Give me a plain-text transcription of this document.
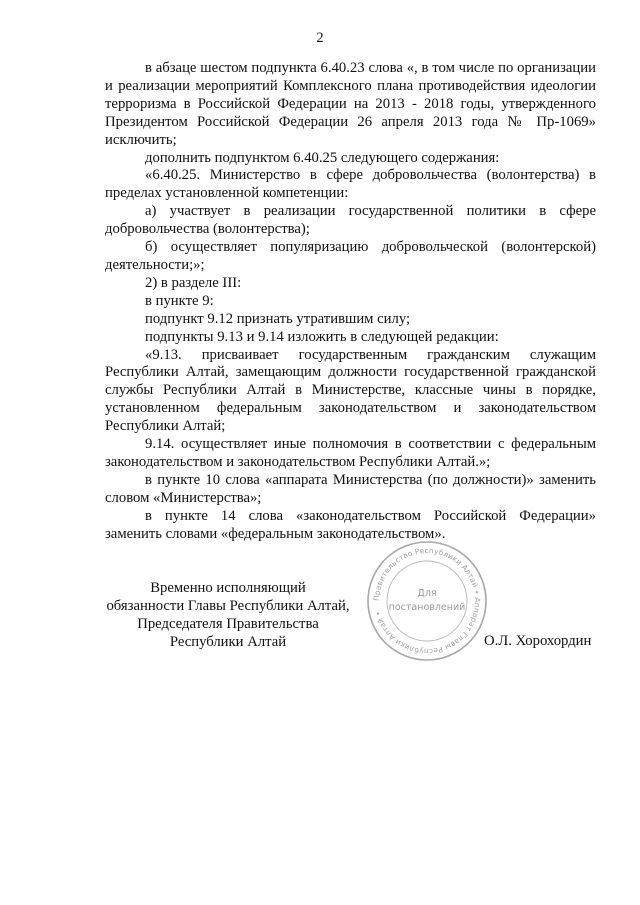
2

в абзаце шестом подпункта 6.40.23 слова «, в том числе по организации и реализации мероприятий Комплексного плана противодействия идеологии терроризма в Российской Федерации на 2013 - 2018 годы, утвержденного Президентом Российской Федерации 26 апреля 2013 года № Пр-1069» исключить;

дополнить подпунктом 6.40.25 следующего содержания:

«6.40.25. Министерство в сфере добровольчества (волонтерства) в пределах установленной компетенции:

а) участвует в реализации государственной политики в сфере добровольчества (волонтерства);

б) осуществляет популяризацию добровольческой (волонтерской) деятельности;»;

2) в разделе III:

в пункте 9:

подпункт 9.12 признать утратившим силу;

подпункты 9.13 и 9.14 изложить в следующей редакции:

«9.13. присваивает государственным гражданским служащим Республики Алтай, замещающим должности государственной гражданской службы Республики Алтай в Министерстве, классные чины в порядке, установленном федеральным законодательством и законодательством Республики Алтай;

9.14. осуществляет иные полномочия в соответствии с федеральным законодательством и законодательством Республики Алтай.»;

в пункте 10 слова «аппарата Министерства (по должности)» заменить словом «Министерства»;

в пункте 14 слова «законодательством Российской Федерации» заменить словами «федеральным законодательством».

Временно исполняющий
обязанности Главы Республики Алтай,
Председателя Правительства
Республики Алтай	О.Л. Хорохордин
Правительство Республики Алтай • Аппарат Главы Республики Алтай •
Для
постановлений
